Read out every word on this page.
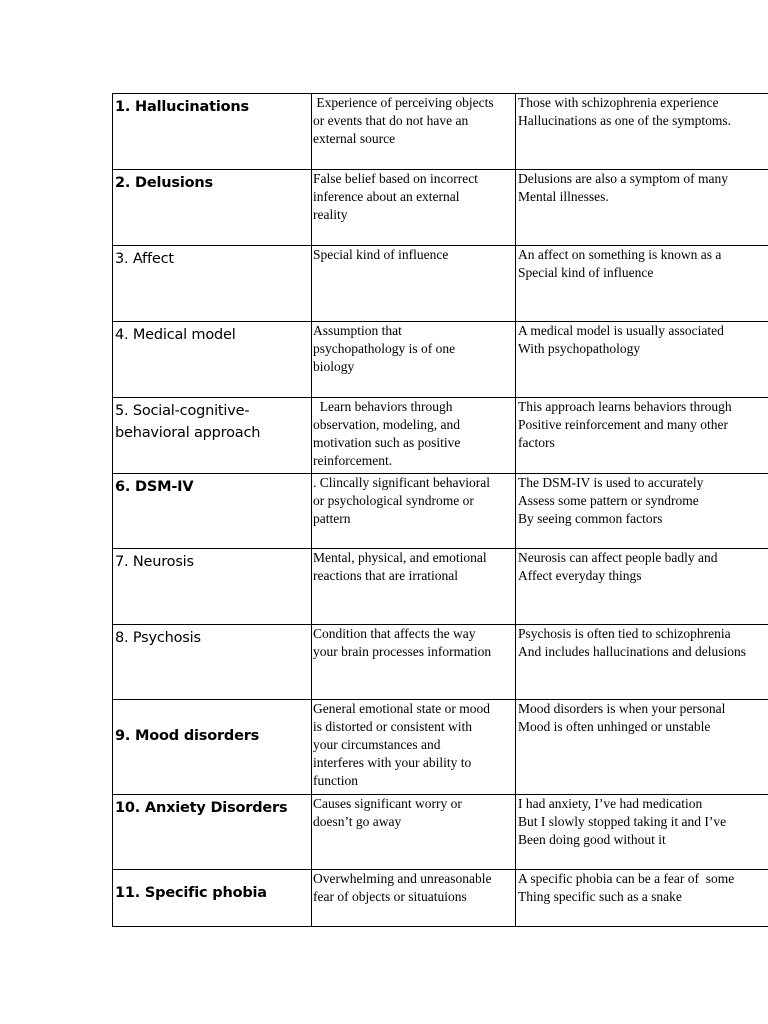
1. Hallucinations	Experience of perceiving objects
or events that do not have an
external source	Those with schizophrenia experience
Hallucinations as one of the symptoms.

2. Delusions	False belief based on incorrect
inference about an external
reality	Delusions are also a symptom of many
Mental illnesses.

3. Affect	Special kind of influence	An affect on something is known as a
Special kind of influence

4. Medical model	Assumption that
psychopathology is of one
biology	A medical model is usually associated
With psychopathology

5. Social-cognitive-
behavioral approach	Learn behaviors through
observation, modeling, and
motivation such as positive
reinforcement.	This approach learns behaviors through
Positive reinforcement and many other
factors

6. DSM-IV	. Clincally significant behavioral
or psychological syndrome or
pattern	The DSM-IV is used to accurately
Assess some pattern or syndrome
By seeing common factors

7. Neurosis	Mental, physical, and emotional
reactions that are irrational	Neurosis can affect people badly and
Affect everyday things

8. Psychosis	Condition that affects the way
your brain processes information	Psychosis is often tied to schizophrenia
And includes hallucinations and delusions

9. Mood disorders	General emotional state or mood
is distorted or consistent with
your circumstances and
interferes with your ability to
function	Mood disorders is when your personal
Mood is often unhinged or unstable

10. Anxiety Disorders	Causes significant worry or
doesn’t go away	I had anxiety, I’ve had medication
But I slowly stopped taking it and I’ve
Been doing good without it

11. Specific phobia	Overwhelming and unreasonable
fear of objects or situatuions	A specific phobia can be a fear of  some
Thing specific such as a snake
